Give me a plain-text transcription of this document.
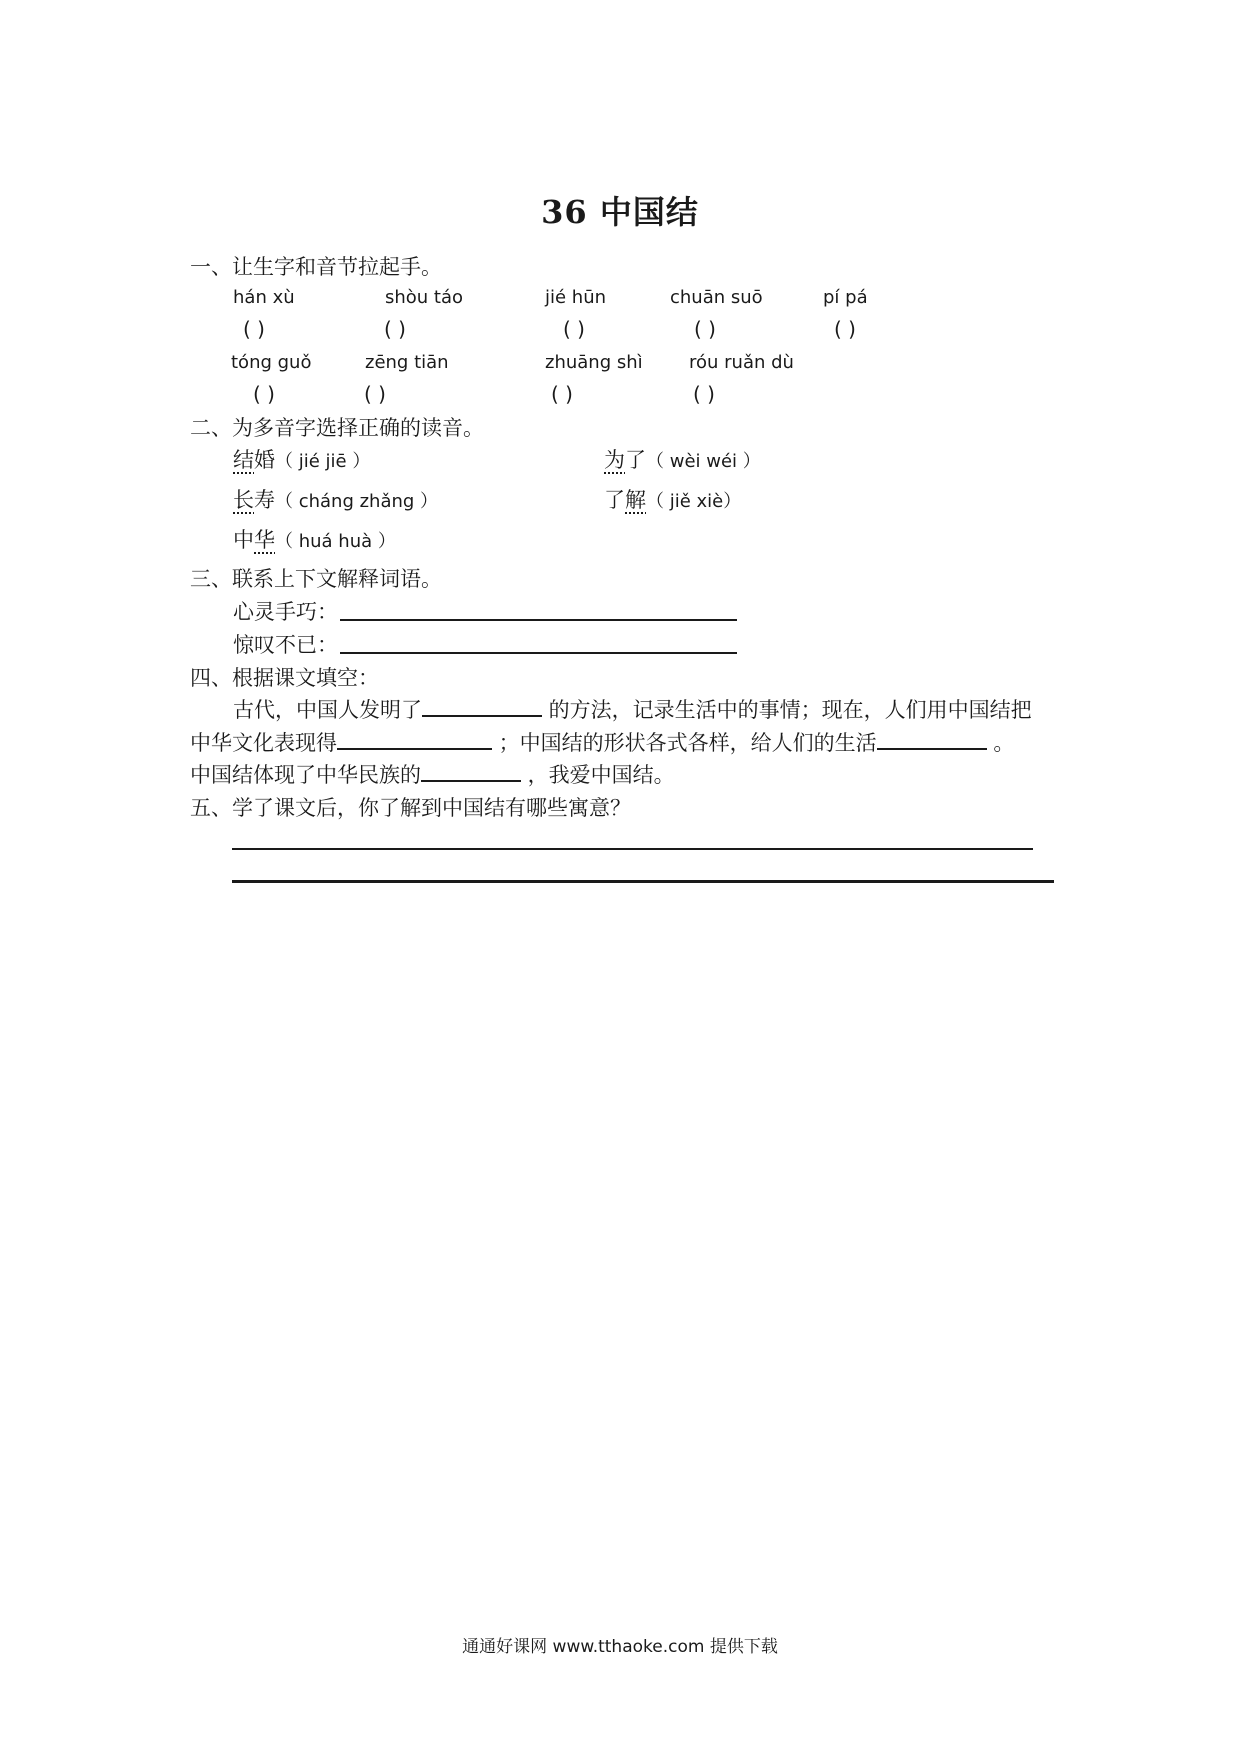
36 中国结
一、让生字和音节拉起手。
hán xù	shòu táo	jié hūn	chuān suō	pí pá
( )	( )	( )	( )	( )
tóng guǒ	zēng tiān	zhuāng shì	róu ruǎn dù
( )	( )	( )	( )
二、为多音字选择正确的读音。
结婚（ jié jiē ）	为了（ wèi wéi ）
长寿（ cháng zhǎng ）	了解（ jiě xiè）
中华（ huá huà ）
三、联系上下文解释词语。
心灵手巧：
惊叹不已：
四、根据课文填空：
古代，中国人发明了	的方法，记录生活中的事情；现在，人们用中国结把
中华文化表现得	；中国结的形状各式各样，给人们的生活	。
中国结体现了中华民族的	，我爱中国结。
五、学了课文后，你了解到中国结有哪些寓意？
通通好课网 www.tthaoke.com 提供下载
